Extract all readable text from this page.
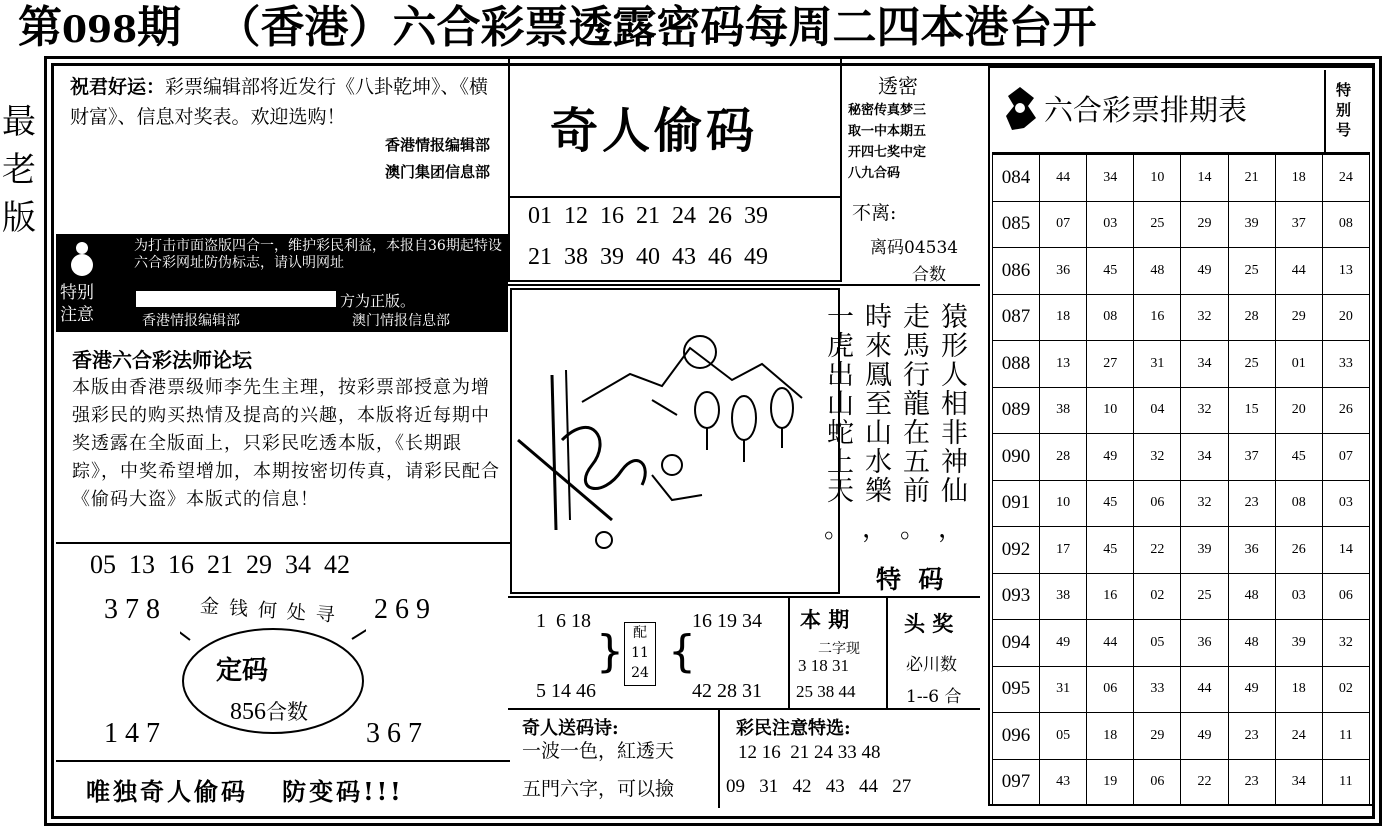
第098期 （香港）六合彩票透露密码每周二四本港台开
最
老
版
祝君好运：彩票编辑部将近发行《八卦乾坤》、《横财富》、信息对奖表。欢迎选购！
香港情报编辑部
澳门集团信息部
特别
注意
为打击市面盗版四合一，维护彩民利益，本报自36期起特设六合彩网址防伪标志，请认明网址
方为正版。
香港情报编辑部	澳门情报信息部
香港六合彩法师论坛
本版由香港票级师李先生主理，按彩票部授意为增强彩民的购买热情及提高的兴趣，本版将近每期中奖透露在全版面上，只彩民吃透本版，《长期跟踪》，中奖希望增加，本期按密切传真，请彩民配合《偷码大盗》本版式的信息！
05  13  16  21  29  34  42
3 7 8	2 6 9
1 4 7	3 6 7
金钱何处寻
定码
856合数
唯独奇人偷码   防变码!!!
奇人偷码
01  12  16  21  24  26  39
21  38  39  40  43  46  49
透密
秘密传真梦三
取一中本期五
开四七奖中定
八九合码
不离:
离码04534
合数
猿形人相非神仙
走馬行龍在五前
時來鳳至山水樂
一虎出山蛇上天
，
。
，
。
特  码
1  6 18
5 14 46
} 配
11
24 {
16 19 34
42 28 31
本 期
二字现
3 18 31
25 38 44
头 奖
必川数
1--6 合
奇人送码诗:
一波一色，紅透天
五門六字，可以撿
彩民注意特选:
12 16  21 24 33 48
09   31   42   43   44   27
六合彩票排期表
特
别
号
084	44	34	10	14	21	18	24
085	07	03	25	29	39	37	08
086	36	45	48	49	25	44	13
087	18	08	16	32	28	29	20
088	13	27	31	34	25	01	33
089	38	10	04	32	15	20	26
090	28	49	32	34	37	45	07
091	10	45	06	32	23	08	03
092	17	45	22	39	36	26	14
093	38	16	02	25	48	03	06
094	49	44	05	36	48	39	32
095	31	06	33	44	49	18	02
096	05	18	29	49	23	24	11
097	43	19	06	22	23	34	11
